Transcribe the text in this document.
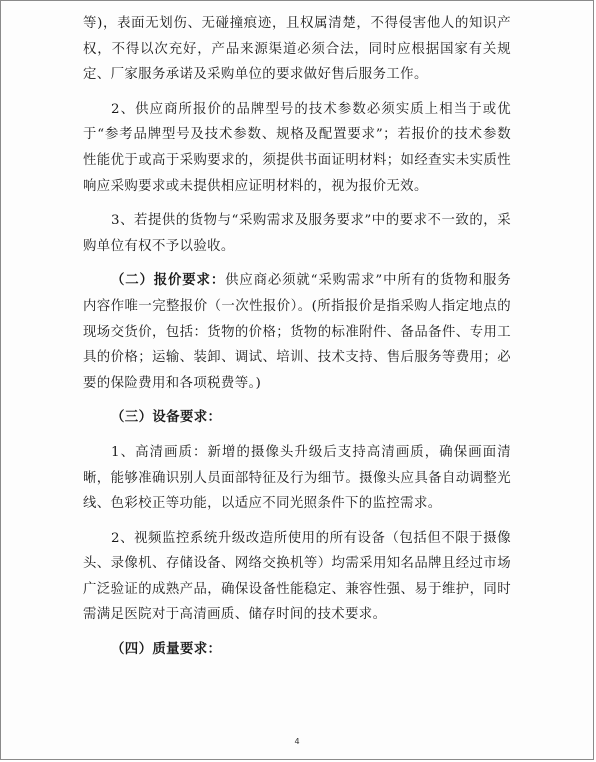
等)，表面无划伤、无碰撞痕迹，且权属清楚，不得侵害他人的知识产权，不得以次充好，产品来源渠道必须合法，同时应根据国家有关规定、厂家服务承诺及采购单位的要求做好售后服务工作。

2、供应商所报价的品牌型号的技术参数必须实质上相当于或优于“参考品牌型号及技术参数、规格及配置要求”；若报价的技术参数性能优于或高于采购要求的，须提供书面证明材料；如经查实未实质性响应采购要求或未提供相应证明材料的，视为报价无效。

3、若提供的货物与“采购需求及服务要求”中的要求不一致的，采购单位有权不予以验收。

（二）报价要求：供应商必须就“采购需求”中所有的货物和服务内容作唯一完整报价（一次性报价）。(所指报价是指采购人指定地点的现场交货价，包括：货物的价格；货物的标准附件、备品备件、专用工具的价格；运输、装卸、调试、培训、技术支持、售后服务等费用；必要的保险费用和各项税费等。)

（三）设备要求：

1、高清画质：新增的摄像头升级后支持高清画质，确保画面清晰，能够准确识别人员面部特征及行为细节。摄像头应具备自动调整光线、色彩校正等功能，以适应不同光照条件下的监控需求。

2、视频监控系统升级改造所使用的所有设备（包括但不限于摄像头、录像机、存储设备、网络交换机等）均需采用知名品牌且经过市场广泛验证的成熟产品，确保设备性能稳定、兼容性强、易于维护，同时需满足医院对于高清画质、储存时间的技术要求。

（四）质量要求：

4
